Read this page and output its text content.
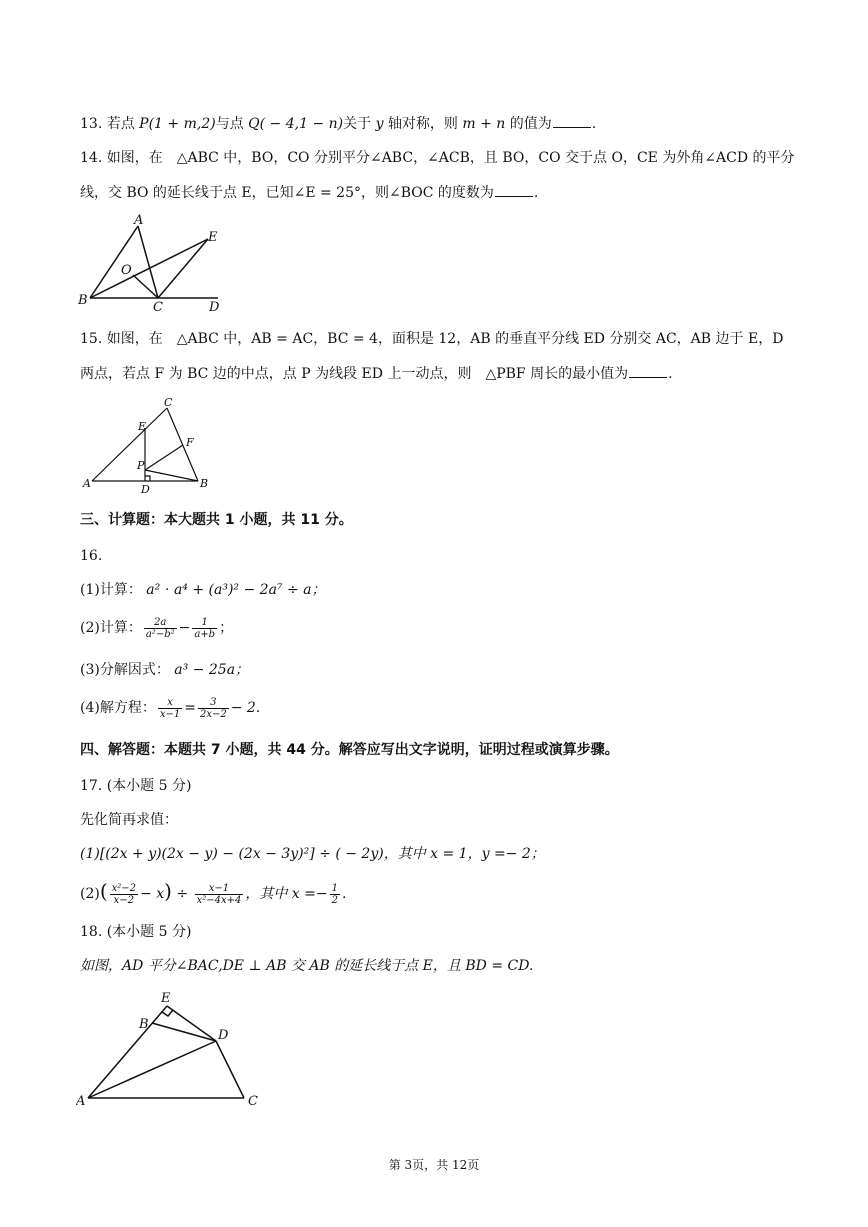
13. 若点 P(1 + m,2)与点 Q( − 4,1 − n)关于 y 轴对称，则 m + n 的值为	.
14. 如图，在　△ABC 中，BO，CO 分别平分∠ABC，∠ACB，且 BO，CO 交于点 O，CE 为外角∠ACD 的平分
线，交 BO 的延长线于点 E，已知∠E = 25°，则∠BOC 的度数为	.
A
E
O
B	C	D
15. 如图，在　△ABC 中，AB = AC，BC = 4，面积是 12，AB 的垂直平分线 ED 分别交 AC，AB 边于 E，D
两点，若点 F 为 BC 边的中点，点 P 为线段 ED 上一动点，则　△PBF 周长的最小值为	.
C
E
F
P
A	D	B
三、计算题：本大题共 1 小题，共 11 分。
16.
(1)计算： a² ⋅ a⁴ + (a³)² − 2a⁷ ÷ a；
(2)计算： $\frac{2a}{\text{a²−b²}} - \frac{1}{a+b}$ ；
(3)分解因式： a³ − 25a；
(4)解方程： $\frac{x}{x-1} = \frac{3}{2x-2} - 2$.
四、解答题：本题共 7 小题，共 44 分。解答应写出文字说明，证明过程或演算步骤。
17. (本小题 5 分)
先化简再求值：
(1)[(2x + y)(2x − y) − (2x − 3y)²] ÷ ( − 2y)，其中 x = 1，y =− 2；
$(2)( \frac{\text{x²−2}}{x-2} - x) \div \frac{x-1}{\text{x²−4x+4}}$ ，其中 $x =- \frac{1}{2}$ .
18. (本小题 5 分)
如图，AD 平分∠BAC,DE ⊥ AB 交 AB 的延长线于点 E，且 BD = CD.
E
B
D
A	C
第 3页，共 12页
